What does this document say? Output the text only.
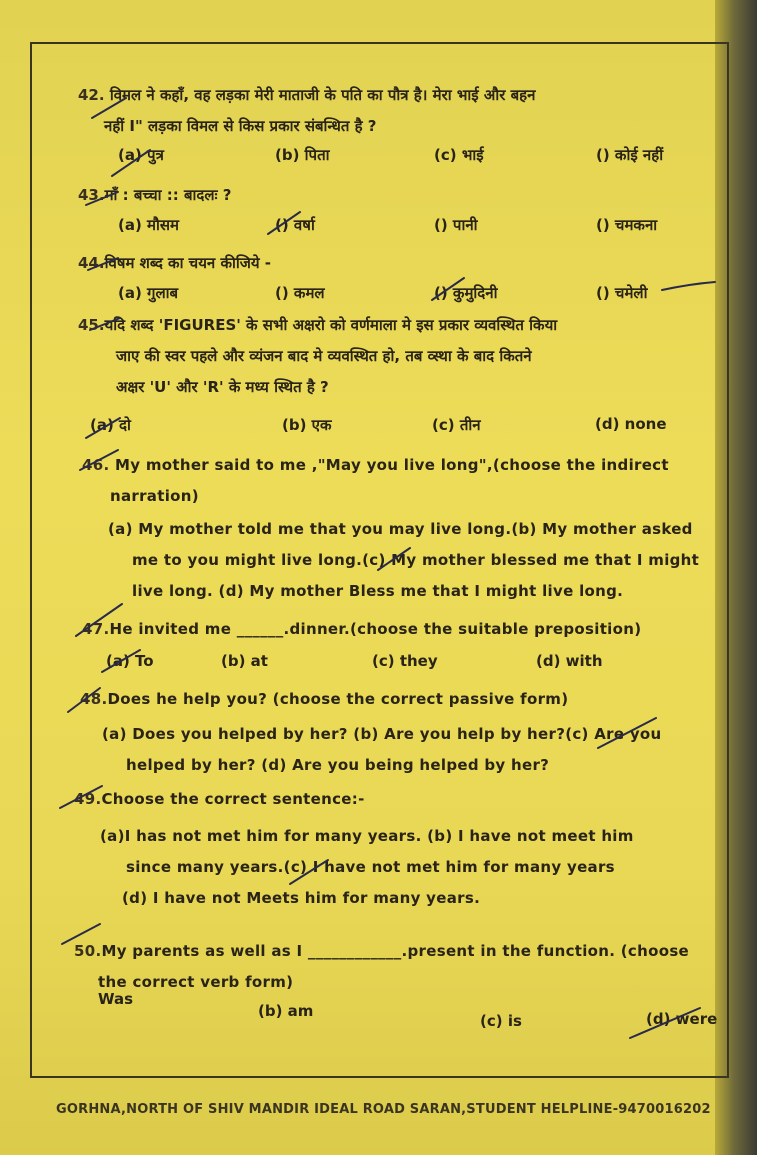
42. विमल ने कहाँ, वह लड़का मेरी माताजी के पति का पौत्र है। मेरा भाई और बहन
नहीं I" लड़का विमल से किस प्रकार संबन्धित है ?
(a) पुत्र	(b) पिता	(c) भाई	() कोई नहीं
43.माँ : बच्चा :: बादलः ?
(a) मौसम	() वर्षा	() पानी	() चमकना
44.विषम शब्द का चयन कीजिये -
(a) गुलाब	() कमल	() कुमुदिनी	() चमेली
45.यदि शब्द 'FIGURES' के सभी अक्षरो को वर्णमाला मे इस प्रकार व्यवस्थित किया
जाए की स्वर पहले और व्यंजन बाद मे व्यवस्थित हो, तब व्स्था के बाद कितने
अक्षर 'U' और 'R' के मध्य स्थित है ?
(a) दो	(b) एक	(c) तीन	(d) none
46. My mother said to me ,"May you live long",(choose the indirect
narration)
(a) My mother told me that you may live long.(b) My mother asked
me to you might live long.(c) My mother blessed me that I might
live long. (d) My mother Bless me that I might live long.
47.He invited me ______.dinner.(choose the suitable preposition)
(a) To	(b) at	(c) they	(d) with
48.Does he help you? (choose the correct passive form)
(a) Does you helped by her? (b) Are you help by her?(c) Are you
helped by her? (d) Are you being helped by her?
49.Choose the correct sentence:-
(a)I has not met him for many years. (b) I have not meet him
since many years.(c) I have not met him for many years
(d) I have not Meets him for many years.
50.My parents as well as I ____________.present in the function. (choose
the correct verb form)
Was
(b) am
(c) is	(d) were
GORHNA,NORTH OF SHIV MANDIR IDEAL ROAD SARAN,STUDENT HELPLINE-9470016202
